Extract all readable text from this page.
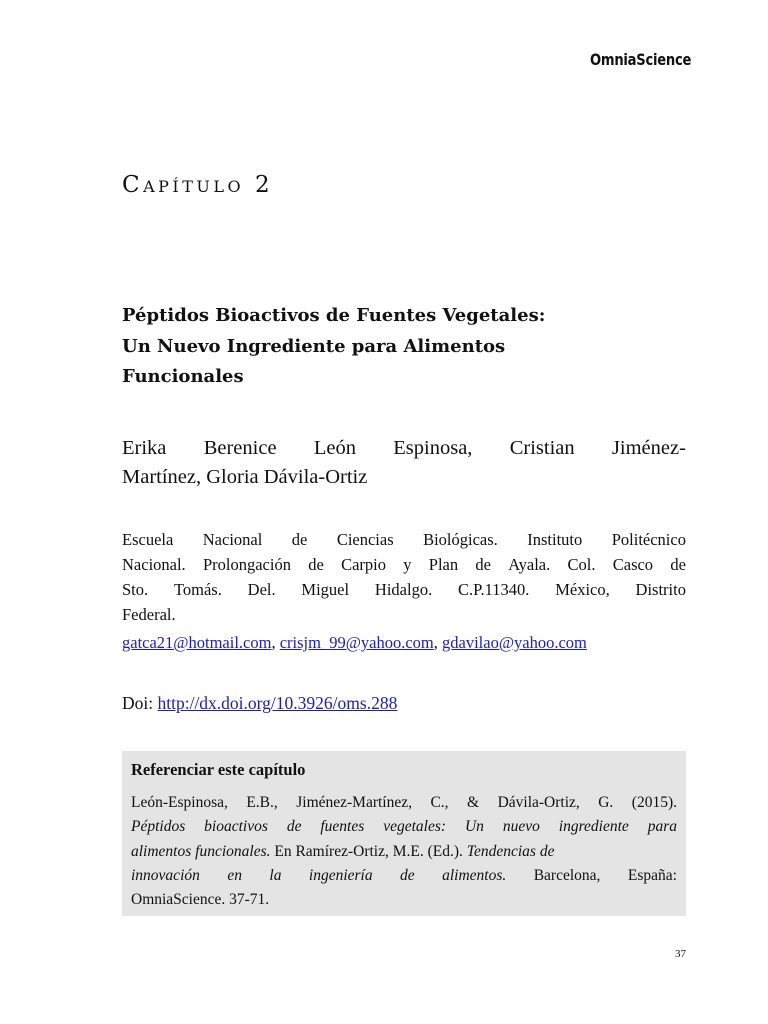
OmniaScience
Capítulo 2
Péptidos Bioactivos de Fuentes Vegetales:
Un Nuevo Ingrediente para Alimentos
Funcionales
Erika Berenice León Espinosa, Cristian Jiménez-
Martínez, Gloria Dávila-Ortiz
Escuela Nacional de Ciencias Biológicas. Instituto Politécnico
Nacional. Prolongación de Carpio y Plan de Ayala. Col. Casco de
Sto. Tomás. Del. Miguel Hidalgo. C.P.11340. México, Distrito
Federal.
gatca21@hotmail.com, crisjm_99@yahoo.com, gdavilao@yahoo.com
Doi: http://dx.doi.org/10.3926/oms.288
Referenciar este capítulo
León-Espinosa, E.B., Jiménez-Martínez, C., & Dávila-Ortiz, G. (2015).
Péptidos bioactivos de fuentes vegetales: Un nuevo ingrediente para
alimentos funcionales. En Ramírez-Ortiz, M.E. (Ed.). Tendencias de
innovación en la ingeniería de alimentos. Barcelona, España:
OmniaScience. 37-71.
37
